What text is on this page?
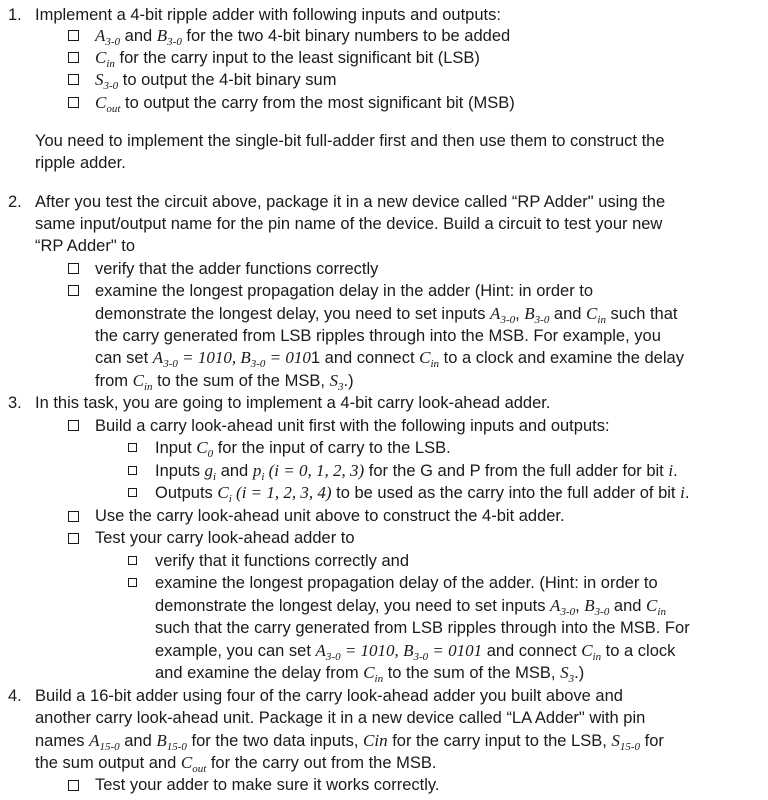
1. Implement a 4-bit ripple adder with following inputs and outputs:
$A_{3-0}$ and $B_{3-0}$ for the two 4-bit binary numbers to be added
$C_{in}$ for the carry input to the least significant bit (LSB)
$S_{3-0}$ to output the 4-bit binary sum
$C_{out}$ to output the carry from the most significant bit (MSB)
You need to implement the single-bit full-adder first and then use them to construct the
ripple adder.
2. After you test the circuit above, package it in a new device called “RP Adder" using the
same input/output name for the pin name of the device. Build a circuit to test your new
“RP Adder" to
verify that the adder functions correctly
examine the longest propagation delay in the adder (Hint: in order to
demonstrate the longest delay, you need to set inputs $A_{3-0}$, $B_{3-0}$ and $C_{in}$ such that
the carry generated from LSB ripples through into the MSB. For example, you
can set $A_{3-0} = 1010$, $B_{3-0} = 0101$ and connect $C_{in}$ to a clock and examine the delay
from $C_{in}$ to the sum of the MSB, $S_3$.)
3. In this task, you are going to implement a 4-bit carry look-ahead adder.
Build a carry look-ahead unit first with the following inputs and outputs:
Input $C_0$ for the input of carry to the LSB.
Inputs $g_i$ and $p_i$ (i = 0, 1, 2, 3) for the G and P from the full adder for bit i.
Outputs $C_i$ (i = 1, 2, 3, 4) to be used as the carry into the full adder of bit i.
Use the carry look-ahead unit above to construct the 4-bit adder.
Test your carry look-ahead adder to
verify that it functions correctly and
examine the longest propagation delay of the adder. (Hint: in order to
demonstrate the longest delay, you need to set inputs $A_{3-0}$, $B_{3-0}$ and $C_{in}$
such that the carry generated from LSB ripples through into the MSB. For
example, you can set $A_{3-0} = 1010$, $B_{3-0} = 0101$ and connect $C_{in}$ to a clock
and examine the delay from $C_{in}$ to the sum of the MSB, $S_3$.)
4. Build a 16-bit adder using four of the carry look-ahead adder you built above and
another carry look-ahead unit. Package it in a new device called “LA Adder" with pin
names $A_{15-0}$ and $B_{15-0}$ for the two data inputs, Cin for the carry input to the LSB, $S_{15-0}$ for
the sum output and $C_{out}$ for the carry out from the MSB.
Test your adder to make sure it works correctly.
